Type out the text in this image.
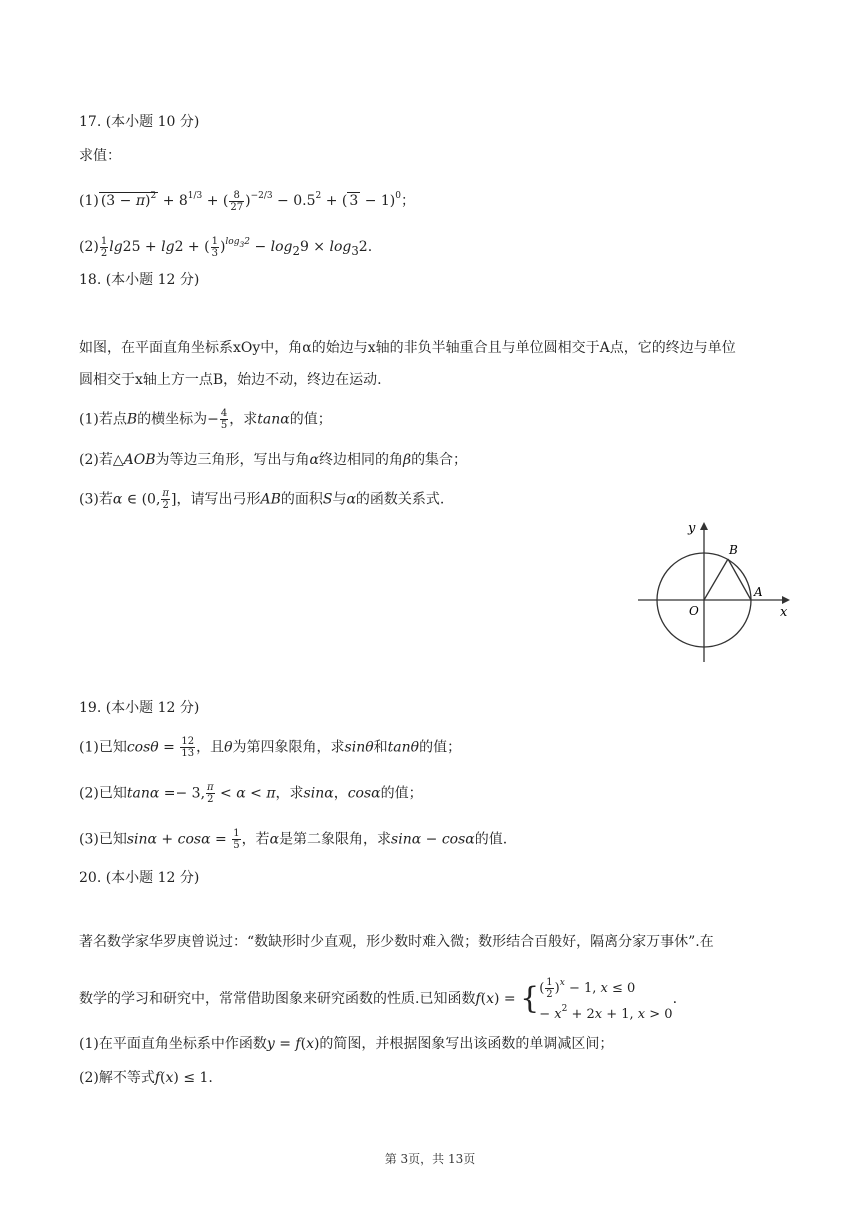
17. (本小题 10 分)
求值：
(1) $(3 - \pi)^2 + 8^{1/3}$ + ( $\frac{8}{27} )^{-2/3} - 0.5^2$ + ( 3 − 1)$^0$；
$(2) \frac{1}{2} \lg 25 + \lg 2$ + ( $\frac{1}{3} )^{log_32} - \log_29 \times \log_32$.
18. (本小题 12 分)
如图，在平面直角坐标系xOy中，角α的始边与x轴的非负半轴重合且与单位圆相交于A点，它的终边与单位
圆相交于x轴上方一点B，始边不动，终边在运动.
(1)若点B的横坐标为− $\frac{4}{5}$ ，求tanα的值；
(2)若△AOB为等边三角形，写出与角α终边相同的角β的集合；
(3)若α ∈ (0, $\frac{\pi}{2}$ ]，请写出弓形AB的面积S与α的函数关系式.
y
x
O
A
B
19. (本小题 12 分)
(1)已知$\cos\theta = \frac{12}{13}$ ，且θ为第四象限角，求sinθ和tanθ的值；
(2)已知tanα =− 3, $\frac{\pi}{2} < \alpha < \pi$，求sinα，cosα的值；
(3)已知$\sin\alpha + \cos\alpha = \frac{1}{5}$ ，若α是第二象限角，求sinα − cosα的值.
20. (本小题 12 分)
著名数学家华罗庚曾说过：“数缺形时少直观，形少数时难入微；数形结合百般好，隔离分家万事休”.在
数学的学习和研究中，常常借助图象来研究函数的性质.已知函数f(x) = { ( $\frac{1}{2} )^x - 1$, x ≤ 0
− $x^2 + 2x + 1$, x > 0
.
(1)在平面直角坐标系中作函数y = f(x)的简图，并根据图象写出该函数的单调减区间；
(2)解不等式f(x) ≤ 1.
第 3页，共 13页
